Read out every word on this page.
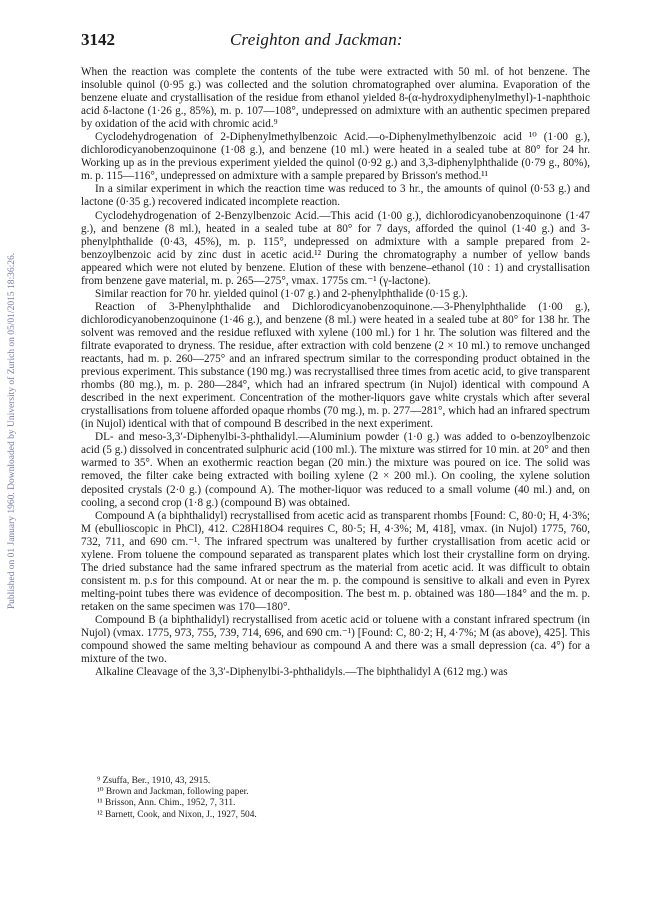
3142	Creighton and Jackman:
Published on 01 January 1960. Downloaded by University of Zurich on 05/01/2015 18:36:26.

When the reaction was complete the contents of the tube were extracted with 50 ml. of hot benzene. The insoluble quinol (0·95 g.) was collected and the solution chromatographed over alumina. Evaporation of the benzene eluate and crystallisation of the residue from ethanol yielded 8-(α-hydroxydiphenylmethyl)-1-naphthoic acid δ-lactone (1·26 g., 85%), m. p. 107—108°, undepressed on admixture with an authentic specimen prepared by oxidation of the acid with chromic acid.⁹

Cyclodehydrogenation of 2-Diphenylmethylbenzoic Acid.—o-Diphenylmethylbenzoic acid ¹⁰ (1·00 g.), dichlorodicyanobenzoquinone (1·08 g.), and benzene (10 ml.) were heated in a sealed tube at 80° for 24 hr. Working up as in the previous experiment yielded the quinol (0·92 g.) and 3,3-diphenylphthalide (0·79 g., 80%), m. p. 115—116°, undepressed on admixture with a sample prepared by Brisson's method.¹¹

In a similar experiment in which the reaction time was reduced to 3 hr., the amounts of quinol (0·53 g.) and lactone (0·35 g.) recovered indicated incomplete reaction.

Cyclodehydrogenation of 2-Benzylbenzoic Acid.—This acid (1·00 g.), dichlorodicyanobenzoquinone (1·47 g.), and benzene (8 ml.), heated in a sealed tube at 80° for 7 days, afforded the quinol (1·40 g.) and 3-phenylphthalide (0·43, 45%), m. p. 115°, undepressed on admixture with a sample prepared from 2-benzoylbenzoic acid by zinc dust in acetic acid.¹² During the chromatography a number of yellow bands appeared which were not eluted by benzene. Elution of these with benzene–ethanol (10 : 1) and crystallisation from benzene gave material, m. p. 265—275°, νmax. 1775s cm.⁻¹ (γ-lactone).

Similar reaction for 70 hr. yielded quinol (1·07 g.) and 2-phenylphthalide (0·15 g.).

Reaction of 3-Phenylphthalide and Dichlorodicyanobenzoquinone.—3-Phenylphthalide (1·00 g.), dichlorodicyanobenzoquinone (1·46 g.), and benzene (8 ml.) were heated in a sealed tube at 80° for 138 hr. The solvent was removed and the residue refluxed with xylene (100 ml.) for 1 hr. The solution was filtered and the filtrate evaporated to dryness. The residue, after extraction with cold benzene (2 × 10 ml.) to remove unchanged reactants, had m. p. 260—275° and an infrared spectrum similar to the corresponding product obtained in the previous experiment. This substance (190 mg.) was recrystallised three times from acetic acid, to give transparent rhombs (80 mg.), m. p. 280—284°, which had an infrared spectrum (in Nujol) identical with compound A described in the next experiment. Concentration of the mother-liquors gave white crystals which after several crystallisations from toluene afforded opaque rhombs (70 mg.), m. p. 277—281°, which had an infrared spectrum (in Nujol) identical with that of compound B described in the next experiment.

DL- and meso-3,3′-Diphenylbi-3-phthalidyl.—Aluminium powder (1·0 g.) was added to o-benzoylbenzoic acid (5 g.) dissolved in concentrated sulphuric acid (100 ml.). The mixture was stirred for 10 min. at 20° and then warmed to 35°. When an exothermic reaction began (20 min.) the mixture was poured on ice. The solid was removed, the filter cake being extracted with boiling xylene (2 × 200 ml.). On cooling, the xylene solution deposited crystals (2·0 g.) (compound A). The mother-liquor was reduced to a small volume (40 ml.) and, on cooling, a second crop (1·8 g.) (compound B) was obtained.

Compound A (a biphthalidyl) recrystallised from acetic acid as transparent rhombs [Found: C, 80·0; H, 4·3%; M (ebullioscopic in PhCl), 412. C28H18O4 requires C, 80·5; H, 4·3%; M, 418], νmax. (in Nujol) 1775, 760, 732, 711, and 690 cm.⁻¹. The infrared spectrum was unaltered by further crystallisation from acetic acid or xylene. From toluene the compound separated as transparent plates which lost their crystalline form on drying. The dried substance had the same infrared spectrum as the material from acetic acid. It was difficult to obtain consistent m. p.s for this compound. At or near the m. p. the compound is sensitive to alkali and even in Pyrex melting-point tubes there was evidence of decomposition. The best m. p. obtained was 180—184° and the m. p. retaken on the same specimen was 170—180°.

Compound B (a biphthalidyl) recrystallised from acetic acid or toluene with a constant infrared spectrum (in Nujol) (νmax. 1775, 973, 755, 739, 714, 696, and 690 cm.⁻¹) [Found: C, 80·2; H, 4·7%; M (as above), 425]. This compound showed the same melting behaviour as compound A and there was a small depression (ca. 4°) for a mixture of the two.

Alkaline Cleavage of the 3,3′-Diphenylbi-3-phthalidyls.—The biphthalidyl A (612 mg.) was

⁹ Zsuffa, Ber., 1910, 43, 2915.
¹⁰ Brown and Jackman, following paper.
¹¹ Brisson, Ann. Chim., 1952, 7, 311.
¹² Barnett, Cook, and Nixon, J., 1927, 504.
